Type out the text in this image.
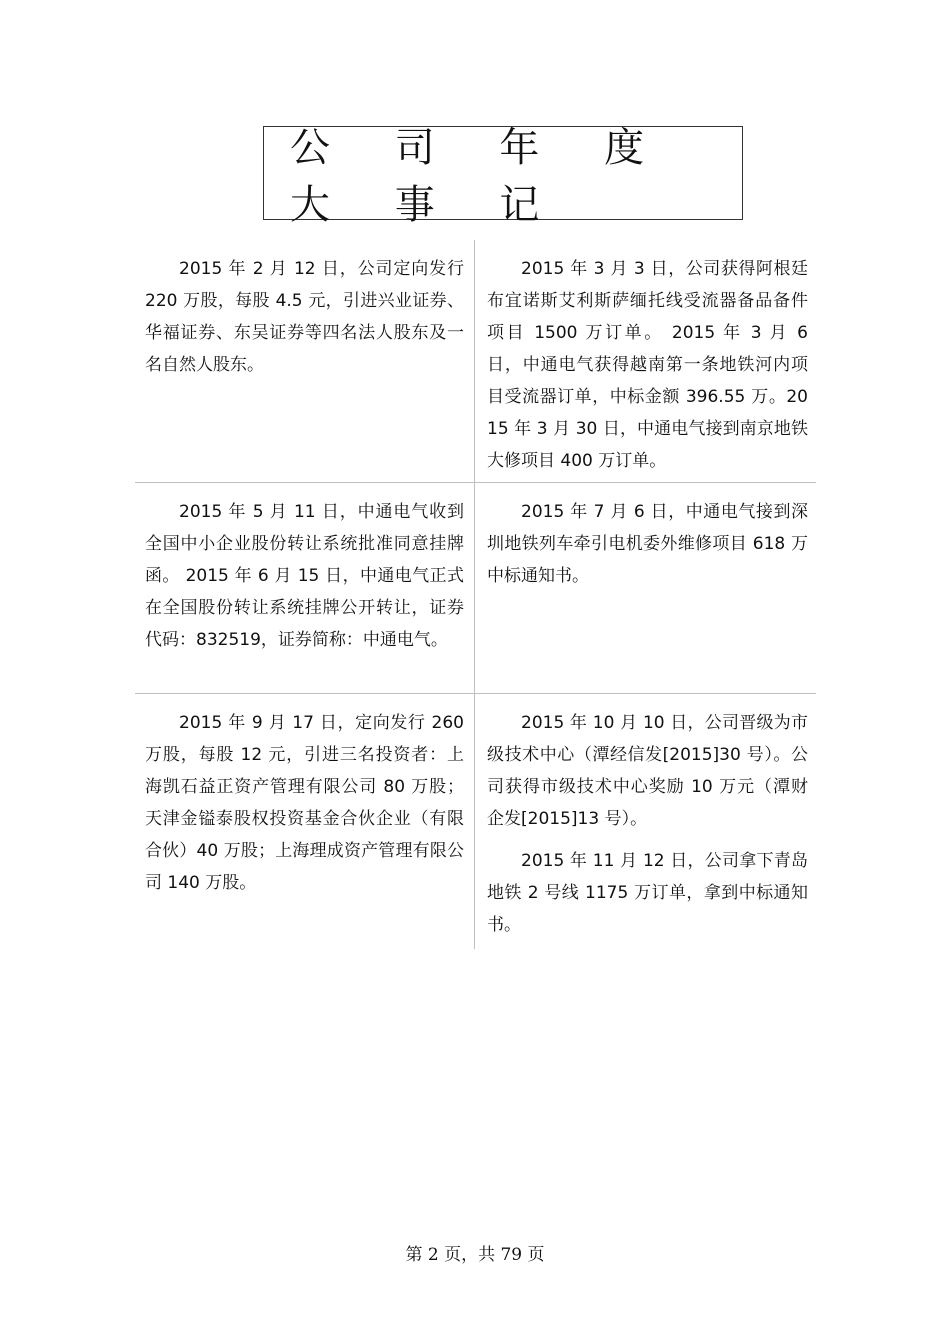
公 司 年 度 大 事 记

2015 年 2 月 12 日，公司定向发行 220 万股，每股 4.5 元，引进兴业证券、华福证券、东吴证券等四名法人股东及一名自然人股东。

2015 年 3 月 3 日，公司获得阿根廷布宜诺斯艾利斯萨缅托线受流器备品备件项目 1500 万订单。 2015 年 3 月 6 日，中通电气获得越南第一条地铁河内项目受流器订单，中标金额 396.55 万。2015 年 3 月 30 日，中通电气接到南京地铁大修项目 400 万订单。

2015 年 5 月 11 日，中通电气收到全国中小企业股份转让系统批准同意挂牌函。 2015 年 6 月 15 日，中通电气正式在全国股份转让系统挂牌公开转让，证券代码：832519，证券简称：中通电气。

2015 年 7 月 6 日，中通电气接到深圳地铁列车牵引电机委外维修项目 618 万中标通知书。

2015 年 9 月 17 日，定向发行 260 万股，每股 12 元，引进三名投资者：上海凯石益正资产管理有限公司 80 万股；天津金镒泰股权投资基金合伙企业（有限合伙）40 万股；上海理成资产管理有限公司 140 万股。

2015 年 10 月 10 日，公司晋级为市级技术中心（潭经信发[2015]30 号）。公司获得市级技术中心奖励 10 万元（潭财企发[2015]13 号）。

2015 年 11 月 12 日，公司拿下青岛地铁 2 号线 1175 万订单，拿到中标通知书。

第 2 页，共 79 页
